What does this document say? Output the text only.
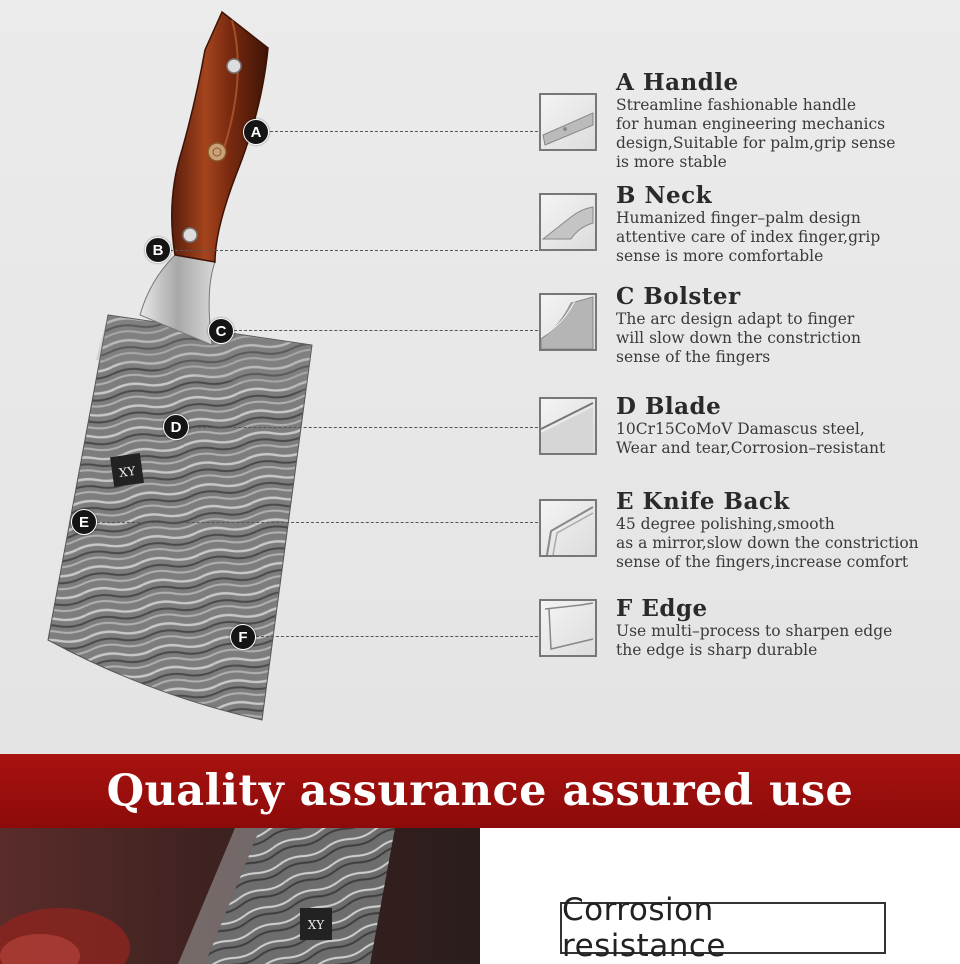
XY
A
B
C
D
E
F
A Handle
Streamline fashionable handle
for human engineering mechanics
design,Suitable for palm,grip sense
is more stable
B Neck
Humanized finger–palm design
attentive care of index finger,grip
sense is more comfortable
C Bolster
The arc design adapt to finger
will slow down the constriction
sense of the fingers
D Blade
10Cr15CoMoV Damascus steel,
Wear and tear,Corrosion–resistant
E Knife Back
45 degree polishing,smooth
as a mirror,slow down the constriction
sense of the fingers,increase comfort
F Edge
Use multi–process to sharpen edge
the edge is sharp durable
Quality assurance assured use
XY	Corrosion resistance
